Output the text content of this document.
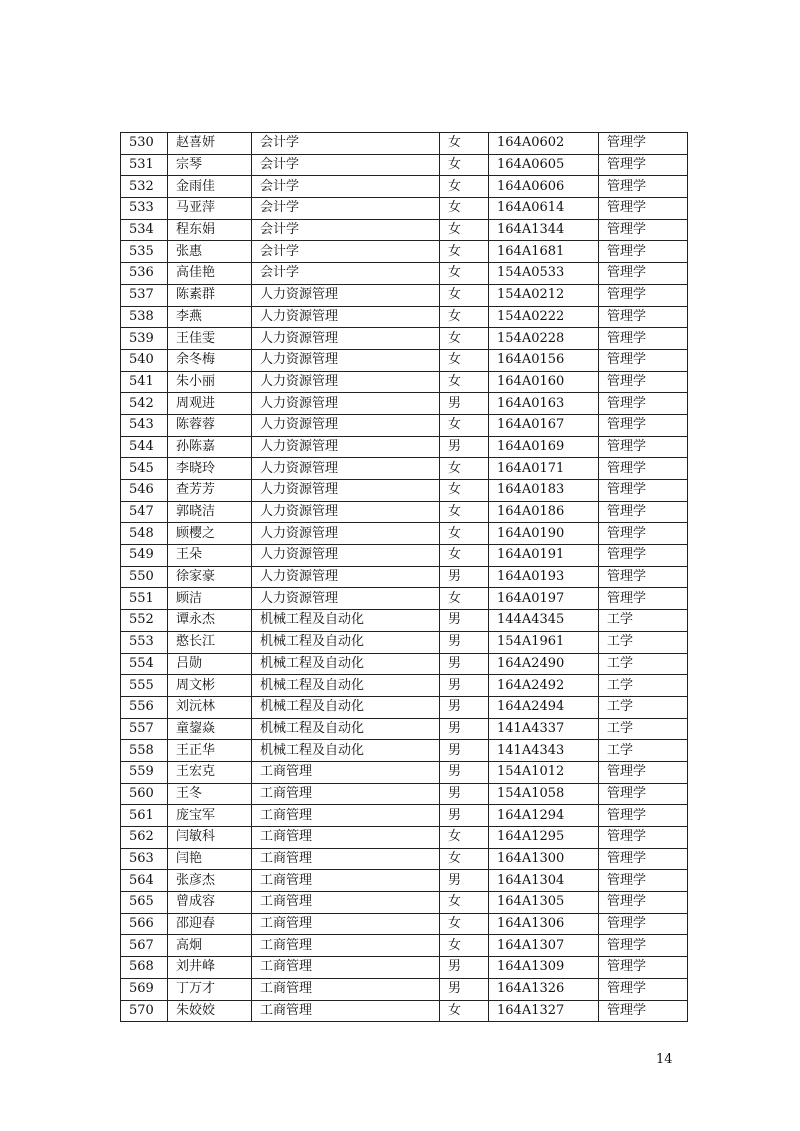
530	赵喜妍	会计学	女	164A0602	管理学
531	宗琴	会计学	女	164A0605	管理学
532	金雨佳	会计学	女	164A0606	管理学
533	马亚萍	会计学	女	164A0614	管理学
534	程东娟	会计学	女	164A1344	管理学
535	张惠	会计学	女	164A1681	管理学
536	高佳艳	会计学	女	154A0533	管理学
537	陈素群	人力资源管理	女	154A0212	管理学
538	李燕	人力资源管理	女	154A0222	管理学
539	王佳雯	人力资源管理	女	154A0228	管理学
540	余冬梅	人力资源管理	女	164A0156	管理学
541	朱小丽	人力资源管理	女	164A0160	管理学
542	周观进	人力资源管理	男	164A0163	管理学
543	陈蓉蓉	人力资源管理	女	164A0167	管理学
544	孙陈嘉	人力资源管理	男	164A0169	管理学
545	李晓玲	人力资源管理	女	164A0171	管理学
546	查芳芳	人力资源管理	女	164A0183	管理学
547	郭晓洁	人力资源管理	女	164A0186	管理学
548	顾樱之	人力资源管理	女	164A0190	管理学
549	王朵	人力资源管理	女	164A0191	管理学
550	徐家豪	人力资源管理	男	164A0193	管理学
551	顾洁	人力资源管理	女	164A0197	管理学
552	谭永杰	机械工程及自动化	男	144A4345	工学
553	憨长江	机械工程及自动化	男	154A1961	工学
554	吕勋	机械工程及自动化	男	164A2490	工学
555	周文彬	机械工程及自动化	男	164A2492	工学
556	刘沅林	机械工程及自动化	男	164A2494	工学
557	童鋆焱	机械工程及自动化	男	141A4337	工学
558	王正华	机械工程及自动化	男	141A4343	工学
559	王宏克	工商管理	男	154A1012	管理学
560	王冬	工商管理	男	154A1058	管理学
561	庞宝军	工商管理	男	164A1294	管理学
562	闫敏科	工商管理	女	164A1295	管理学
563	闫艳	工商管理	女	164A1300	管理学
564	张彦杰	工商管理	男	164A1304	管理学
565	曾成容	工商管理	女	164A1305	管理学
566	邵迎春	工商管理	女	164A1306	管理学
567	高炯	工商管理	女	164A1307	管理学
568	刘井峰	工商管理	男	164A1309	管理学
569	丁万才	工商管理	男	164A1326	管理学
570	朱姣姣	工商管理	女	164A1327	管理学
14
